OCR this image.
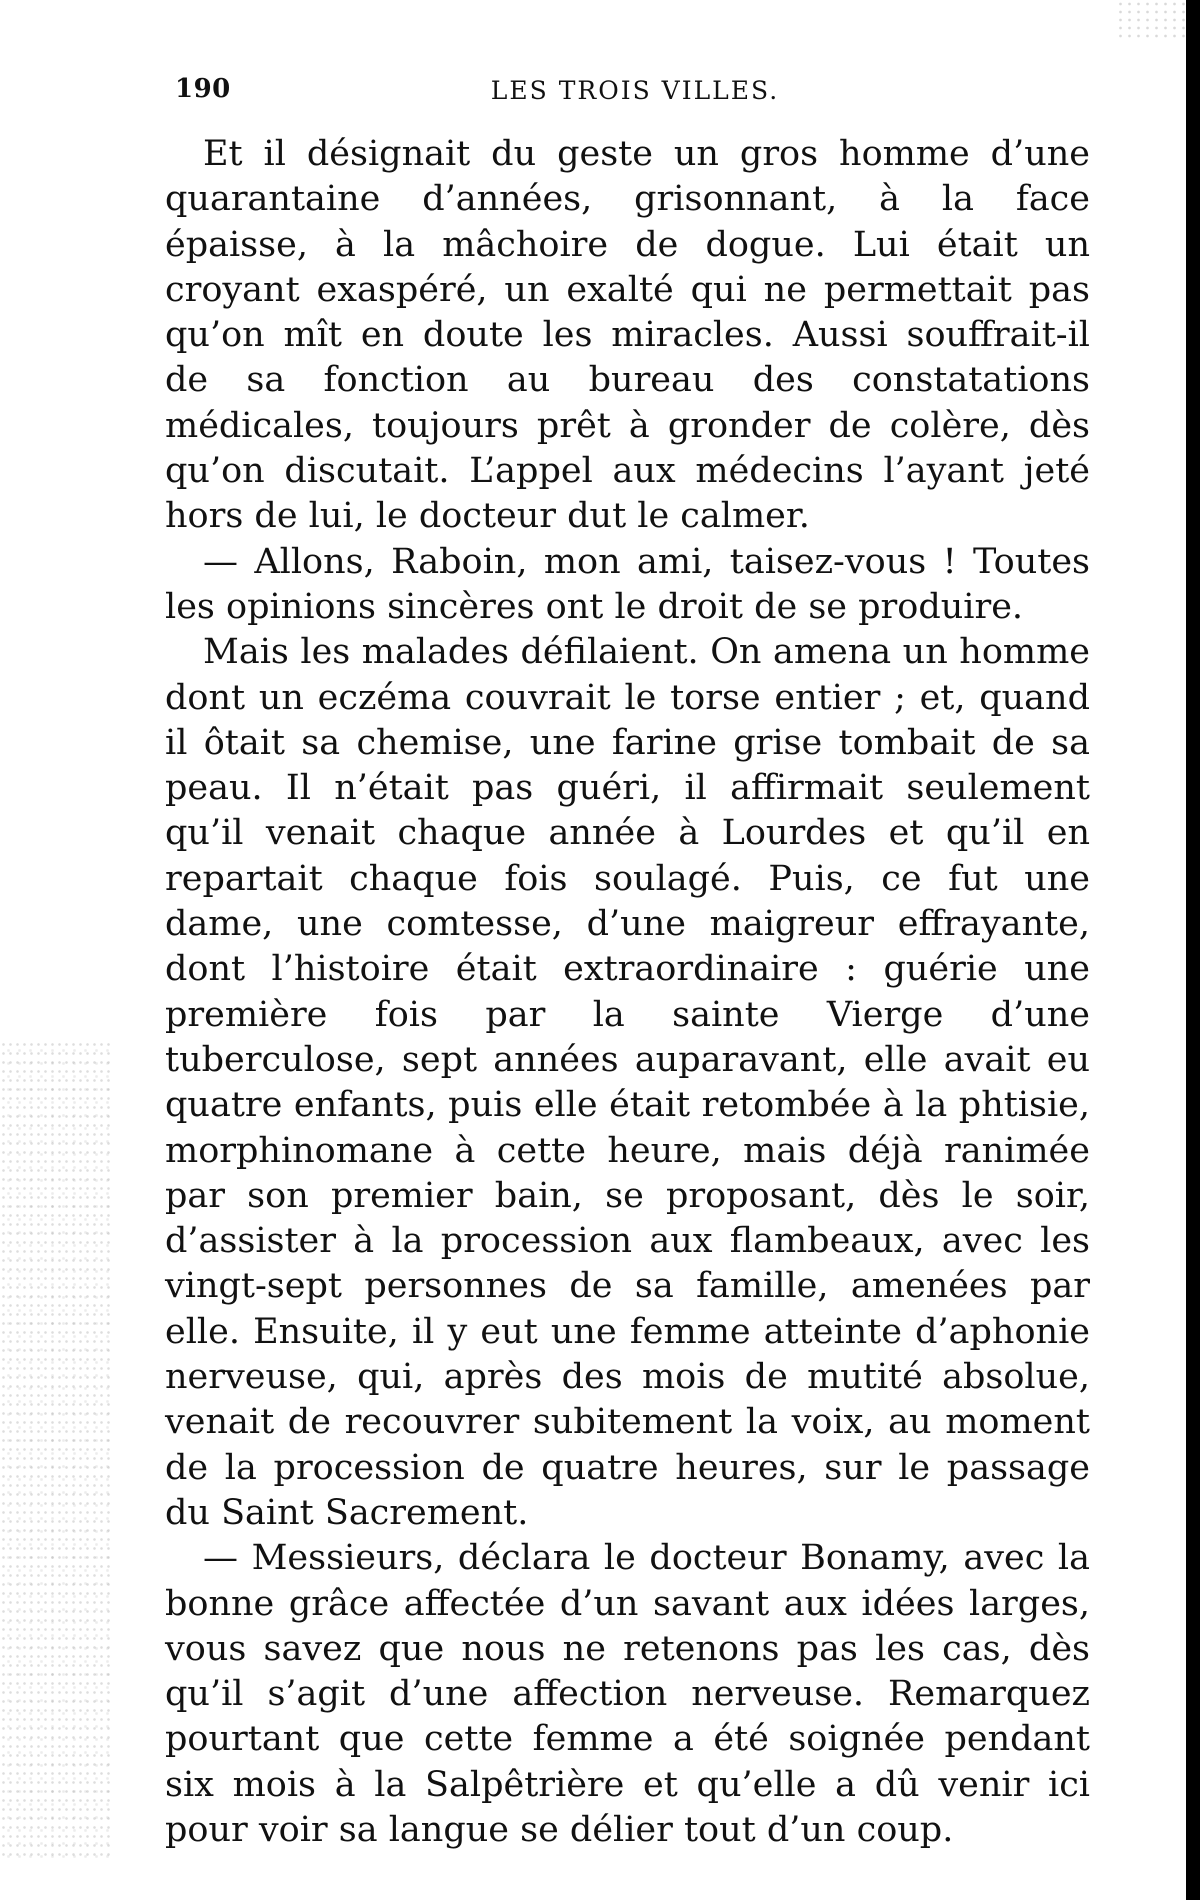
190	LES TROIS VILLES.

Et il désignait du geste un gros homme d’une quarantaine d’années, grisonnant, à la face épaisse, à la mâchoire de dogue. Lui était un croyant exaspéré, un exalté qui ne permettait pas qu’on mît en doute les miracles. Aussi souffrait-il de sa fonction au bureau des constatations médicales, toujours prêt à gronder de colère, dès qu’on discutait. L’appel aux médecins l’ayant jeté hors de lui, le docteur dut le calmer.

— Allons, Raboin, mon ami, taisez-vous ! Toutes les opinions sincères ont le droit de se produire.

Mais les malades défilaient. On amena un homme dont un eczéma couvrait le torse entier ; et, quand il ôtait sa chemise, une farine grise tombait de sa peau. Il n’était pas guéri, il affirmait seulement qu’il venait chaque année à Lourdes et qu’il en repartait chaque fois soulagé. Puis, ce fut une dame, une comtesse, d’une maigreur effrayante, dont l’histoire était extraordinaire : guérie une première fois par la sainte Vierge d’une tuberculose, sept années auparavant, elle avait eu quatre enfants, puis elle était retombée à la phtisie, morphinomane à cette heure, mais déjà ranimée par son premier bain, se proposant, dès le soir, d’assister à la procession aux flambeaux, avec les vingt-sept personnes de sa famille, amenées par elle. Ensuite, il y eut une femme atteinte d’aphonie nerveuse, qui, après des mois de mutité absolue, venait de recouvrer subitement la voix, au moment de la procession de quatre heures, sur le passage du Saint Sacrement.

— Messieurs, déclara le docteur Bonamy, avec la bonne grâce affectée d’un savant aux idées larges, vous savez que nous ne retenons pas les cas, dès qu’il s’agit d’une affection nerveuse. Remarquez pourtant que cette femme a été soignée pendant six mois à la Salpêtrière et qu’elle a dû venir ici pour voir sa langue se délier tout d’un coup.
